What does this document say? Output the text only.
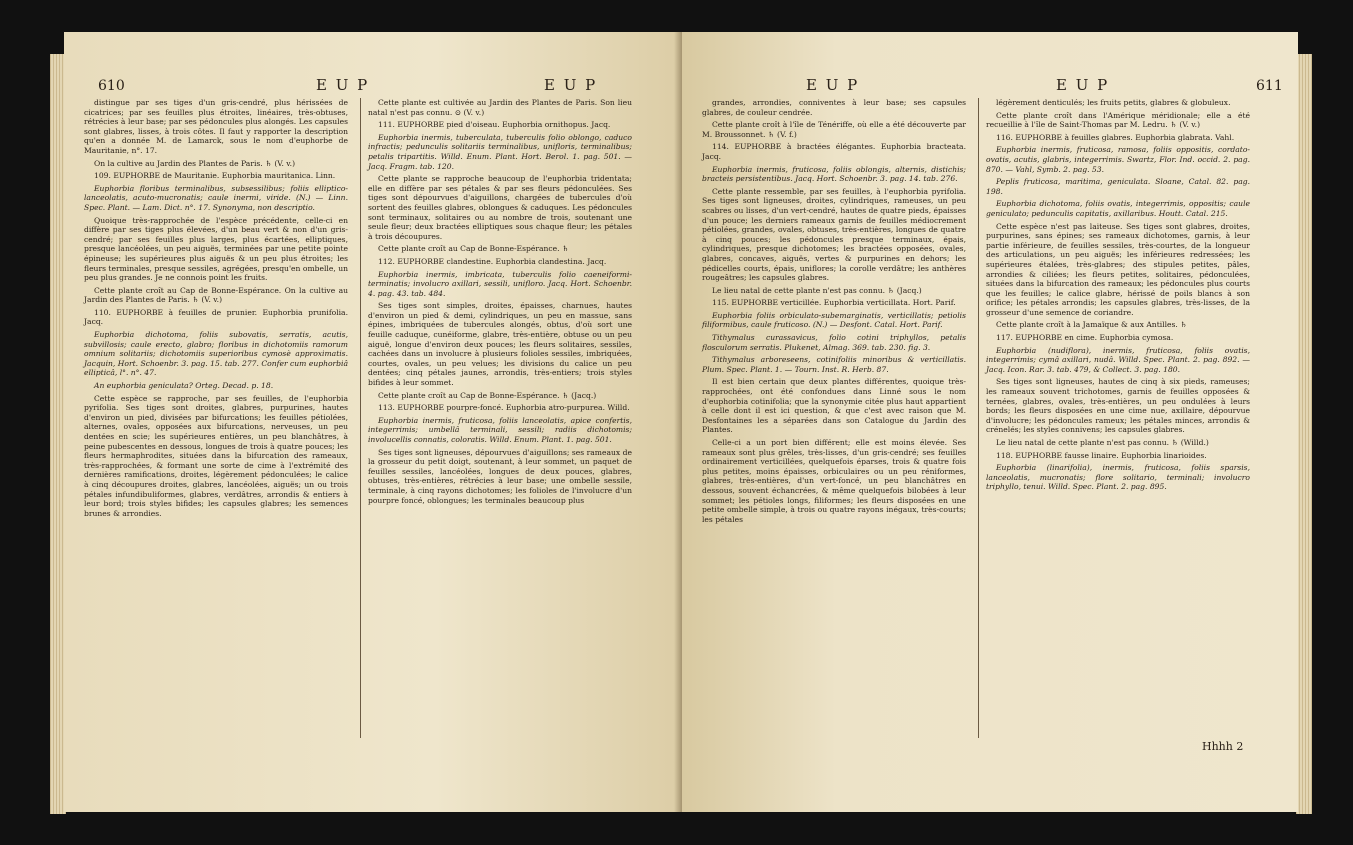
610	E U P	E U P

distingue par ses tiges d'un gris-cendré, plus hérissées de cicatrices; par ses feuilles plus étroites, linéaires, très-obtuses, rétrécies à leur base; par ses pédoncules plus alongés. Les capsules sont glabres, lisses, à trois côtes. Il faut y rapporter la description qu'en a donnée M. de Lamarck, sous le nom d'euphorbe de Mauritanie, n°. 17.

On la cultive au Jardin des Plantes de Paris. ♄ (V. v.)

109. EUPHORBE de Mauritanie. Euphorbia mauritanica. Linn.

Euphorbia floribus terminalibus, subsessilibus; foliis elliptico-lanceolatis, acuto-mucronatis; caule inermi, viride. (N.) — Linn. Spec. Plant. — Lam. Dict. n°. 17. Synonyma, non descriptio.

Quoique très-rapprochée de l'espèce précédente, celle-ci en diffère par ses tiges plus élevées, d'un beau vert & non d'un gris-cendré; par ses feuilles plus larges, plus écartées, elliptiques, presque lancéolées, un peu aiguës, terminées par une petite pointe épineuse; les supérieures plus aiguës & un peu plus étroites; les fleurs terminales, presque sessiles, agrégées, presqu'en ombelle, un peu plus grandes. Je ne connois point les fruits.

Cette plante croît au Cap de Bonne-Espérance. On la cultive au Jardin des Plantes de Paris. ♄ (V. v.)

110. EUPHORBE à feuilles de prunier. Euphorbia prunifolia. Jacq.

Euphorbia dichotoma, foliis subovatis, serratis, acutis, subvillosis; caule erecto, glabro; floribus in dichotomiis ramorum omnium solitariis; dichotomiis superioribus cymosè approximatis. Jacquin, Hort. Schoenbr. 3. pag. 15. tab. 277. Confer cum euphorbiâ ellipticâ, l°. n°. 47.

An euphorbia geniculata? Orteg. Decad. p. 18.

Cette espèce se rapproche, par ses feuilles, de l'euphorbia pyrifolia. Ses tiges sont droites, glabres, purpurines, hautes d'environ un pied, divisées par bifurcations; les feuilles pétiolées, alternes, ovales, opposées aux bifurcations, nerveuses, un peu dentées en scie; les supérieures entières, un peu blanchâtres, à peine pubescentes en dessous, longues de trois à quatre pouces; les fleurs hermaphrodites, situées dans la bifurcation des rameaux, très-rapprochées, & formant une sorte de cime à l'extrémité des dernières ramifications, droites, légèrement pédonculées; le calice à cinq découpures droites, glabres, lancéolées, aiguës; un ou trois pétales infundibuliformes, glabres, verdâtres, arrondis & entiers à leur bord; trois styles bifides; les capsules glabres; les semences brunes & arrondies.

Cette plante est cultivée au Jardin des Plantes de Paris. Son lieu natal n'est pas connu. ⊙ (V. v.)

111. EUPHORBE pied d'oiseau. Euphorbia ornithopus. Jacq.

Euphorbia inermis, tuberculata, tuberculis folio oblongo, caduco infractis; pedunculis solitariis terminalibus, unifloris, terminalibus; petalis tripartitis. Willd. Enum. Plant. Hort. Berol. 1. pag. 501. — Jacq. Fragm. tab. 120.

Cette plante se rapproche beaucoup de l'euphorbia tridentata; elle en diffère par ses pétales & par ses fleurs pédonculées. Ses tiges sont dépourvues d'aiguillons, chargées de tubercules d'où sortent des feuilles glabres, oblongues & caduques. Les pédoncules sont terminaux, solitaires ou au nombre de trois, soutenant une seule fleur; deux bractées elliptiques sous chaque fleur; les pétales à trois découpures.

Cette plante croît au Cap de Bonne-Espérance. ♄

112. EUPHORBE clandestine. Euphorbia clandestina. Jacq.

Euphorbia inermis, imbricata, tuberculis folio caeneiformi-terminatis; involucro axillari, sessili, unifloro. Jacq. Hort. Schoenbr. 4. pag. 43. tab. 484.

Ses tiges sont simples, droites, épaisses, charnues, hautes d'environ un pied & demi, cylindriques, un peu en massue, sans épines, imbriquées de tubercules alongés, obtus, d'où sort une feuille caduque, cunéiforme, glabre, très-entière, obtuse ou un peu aiguë, longue d'environ deux pouces; les fleurs solitaires, sessiles, cachées dans un involucre à plusieurs folioles sessiles, imbriquées, courtes, ovales, un peu velues; les divisions du calice un peu dentées; cinq pétales jaunes, arrondis, très-entiers; trois styles bifides à leur sommet.

Cette plante croît au Cap de Bonne-Espérance. ♄ (Jacq.)

113. EUPHORBE pourpre-foncé. Euphorbia atro-purpurea. Willd.

Euphorbia inermis, fruticosa, foliis lanceolatis, apice confertis, integerrimis; umbellâ terminali, sessili; radiis dichotomis; involucellis connatis, coloratis. Willd. Enum. Plant. 1. pag. 501.

Ses tiges sont ligneuses, dépourvues d'aiguillons; ses rameaux de la grosseur du petit doigt, soutenant, à leur sommet, un paquet de feuilles sessiles, lancéolées, longues de deux pouces, glabres, obtuses, très-entières, rétrécies à leur base; une ombelle sessile, terminale, à cinq rayons dichotomes; les folioles de l'involucre d'un pourpre foncé, oblongues; les terminales beaucoup plus

E U P	E U P	611

grandes, arrondies, conniventes à leur base; ses capsules glabres, de couleur cendrée.

Cette plante croît à l'île de Ténériffe, où elle a été découverte par M. Broussonnet. ♄ (V. f.)

114. EUPHORBE à bractées élégantes. Euphorbia bracteata. Jacq.

Euphorbia inermis, fruticosa, foliis oblongis, alternis, distichis; bracteis persistentibus. Jacq. Hort. Schoenbr. 3. pag. 14. tab. 276.

Cette plante ressemble, par ses feuilles, à l'euphorbia pyrifolia. Ses tiges sont ligneuses, droites, cylindriques, rameuses, un peu scabres ou lisses, d'un vert-cendré, hautes de quatre pieds, épaisses d'un pouce; les derniers rameaux garnis de feuilles médiocrement pétiolées, grandes, ovales, obtuses, très-entières, longues de quatre à cinq pouces; les pédoncules presque terminaux, épais, cylindriques, presque dichotomes; les bractées opposées, ovales, glabres, concaves, aiguës, vertes & purpurines en dehors; les pédicelles courts, épais, uniflores; la corolle verdâtre; les anthères rougeâtres; les capsules glabres.

Le lieu natal de cette plante n'est pas connu. ♄ (Jacq.)

115. EUPHORBE verticillée. Euphorbia verticillata. Hort. Parif.

Euphorbia foliis orbiculato-subemarginatis, verticillatis; petiolis filiformibus, caule fruticoso. (N.) — Desfont. Catal. Hort. Parif.

Tithymalus curassavicus, folio cotini triphyllos, petalis flosculorum serratis. Plukenet, Almag. 369. tab. 230. fig. 3.

Tithymalus arboreseens, cotinifoliis minoribus & verticillatis. Plum. Spec. Plant. 1. — Tourn. Inst. R. Herb. 87.

Il est bien certain que deux plantes différentes, quoique très-rapprochées, ont été confondues dans Linné sous le nom d'euphorbia cotinifolia; que la synonymie citée plus haut appartient à celle dont il est ici question, & que c'est avec raison que M. Desfontaines les a séparées dans son Catalogue du Jardin des Plantes.

Celle-ci a un port bien différent; elle est moins élevée. Ses rameaux sont plus grêles, très-lisses, d'un gris-cendré; ses feuilles ordinairement verticillées, quelquefois éparses, trois & quatre fois plus petites, moins épaisses, orbiculaires ou un peu réniformes, glabres, très-entières, d'un vert-foncé, un peu blanchâtres en dessous, souvent échancrées, & même quelquefois bilobées à leur sommet; les pétioles longs, filiformes; les fleurs disposées en une petite ombelle simple, à trois ou quatre rayons inégaux, très-courts; les pétales

légèrement denticulés; les fruits petits, glabres & globuleux.

Cette plante croît dans l'Amérique méridionale; elle a été recueillie à l'île de Saint-Thomas par M. Ledru. ♄ (V. v.)

116. EUPHORBE à feuilles glabres. Euphorbia glabrata. Vahl.

Euphorbia inermis, fruticosa, ramosa, foliis oppositis, cordato-ovatis, acutis, glabris, integerrimis. Swartz, Flor. Ind. occid. 2. pag. 870. — Vahl, Symb. 2. pag. 53.

Peplis fruticosa, maritima, geniculata. Sloane, Catal. 82. pag. 198.

Euphorbia dichotoma, foliis ovatis, integerrimis, oppositis; caule geniculato; pedunculis capitatis, axillaribus. Houtt. Catal. 215.

Cette espèce n'est pas laiteuse. Ses tiges sont glabres, droites, purpurines, sans épines; ses rameaux dichotomes, garnis, à leur partie inférieure, de feuilles sessiles, très-courtes, de la longueur des articulations, un peu aiguës; les inférieures redressées; les supérieures étalées, très-glabres; des stipules petites, pâles, arrondies & ciliées; les fleurs petites, solitaires, pédonculées, situées dans la bifurcation des rameaux; les pédoncules plus courts que les feuilles; le calice glabre, hérissé de poils blancs à son orifice; les pétales arrondis; les capsules glabres, très-lisses, de la grosseur d'une semence de coriandre.

Cette plante croît à la Jamaïque & aux Antilles. ♄

117. EUPHORBE en cime. Euphorbia cymosa.

Euphorbia (nudiflora), inermis, fruticosa, foliis ovatis, integerrimis; cymâ axillari, nudâ. Willd. Spec. Plant. 2. pag. 892. — Jacq. Icon. Rar. 3. tab. 479, & Collect. 3. pag. 180.

Ses tiges sont ligneuses, hautes de cinq à six pieds, rameuses; les rameaux souvent trichotomes, garnis de feuilles opposées & ternées, glabres, ovales, très-entières, un peu ondulées à leurs bords; les fleurs disposées en une cime nue, axillaire, dépourvue d'involucre; les pédoncules rameux; les pétales minces, arrondis & crénelés; les styles connivens; les capsules glabres.

Le lieu natal de cette plante n'est pas connu. ♄ (Willd.)

118. EUPHORBE fausse linaire. Euphorbia linarioides.

Euphorbia (linarifolia), inermis, fruticosa, foliis sparsis, lanceolatis, mucronatis; flore solitario, terminali; involucro triphyllo, tenui. Willd. Spec. Plant. 2. pag. 895.

Hhhh 2
